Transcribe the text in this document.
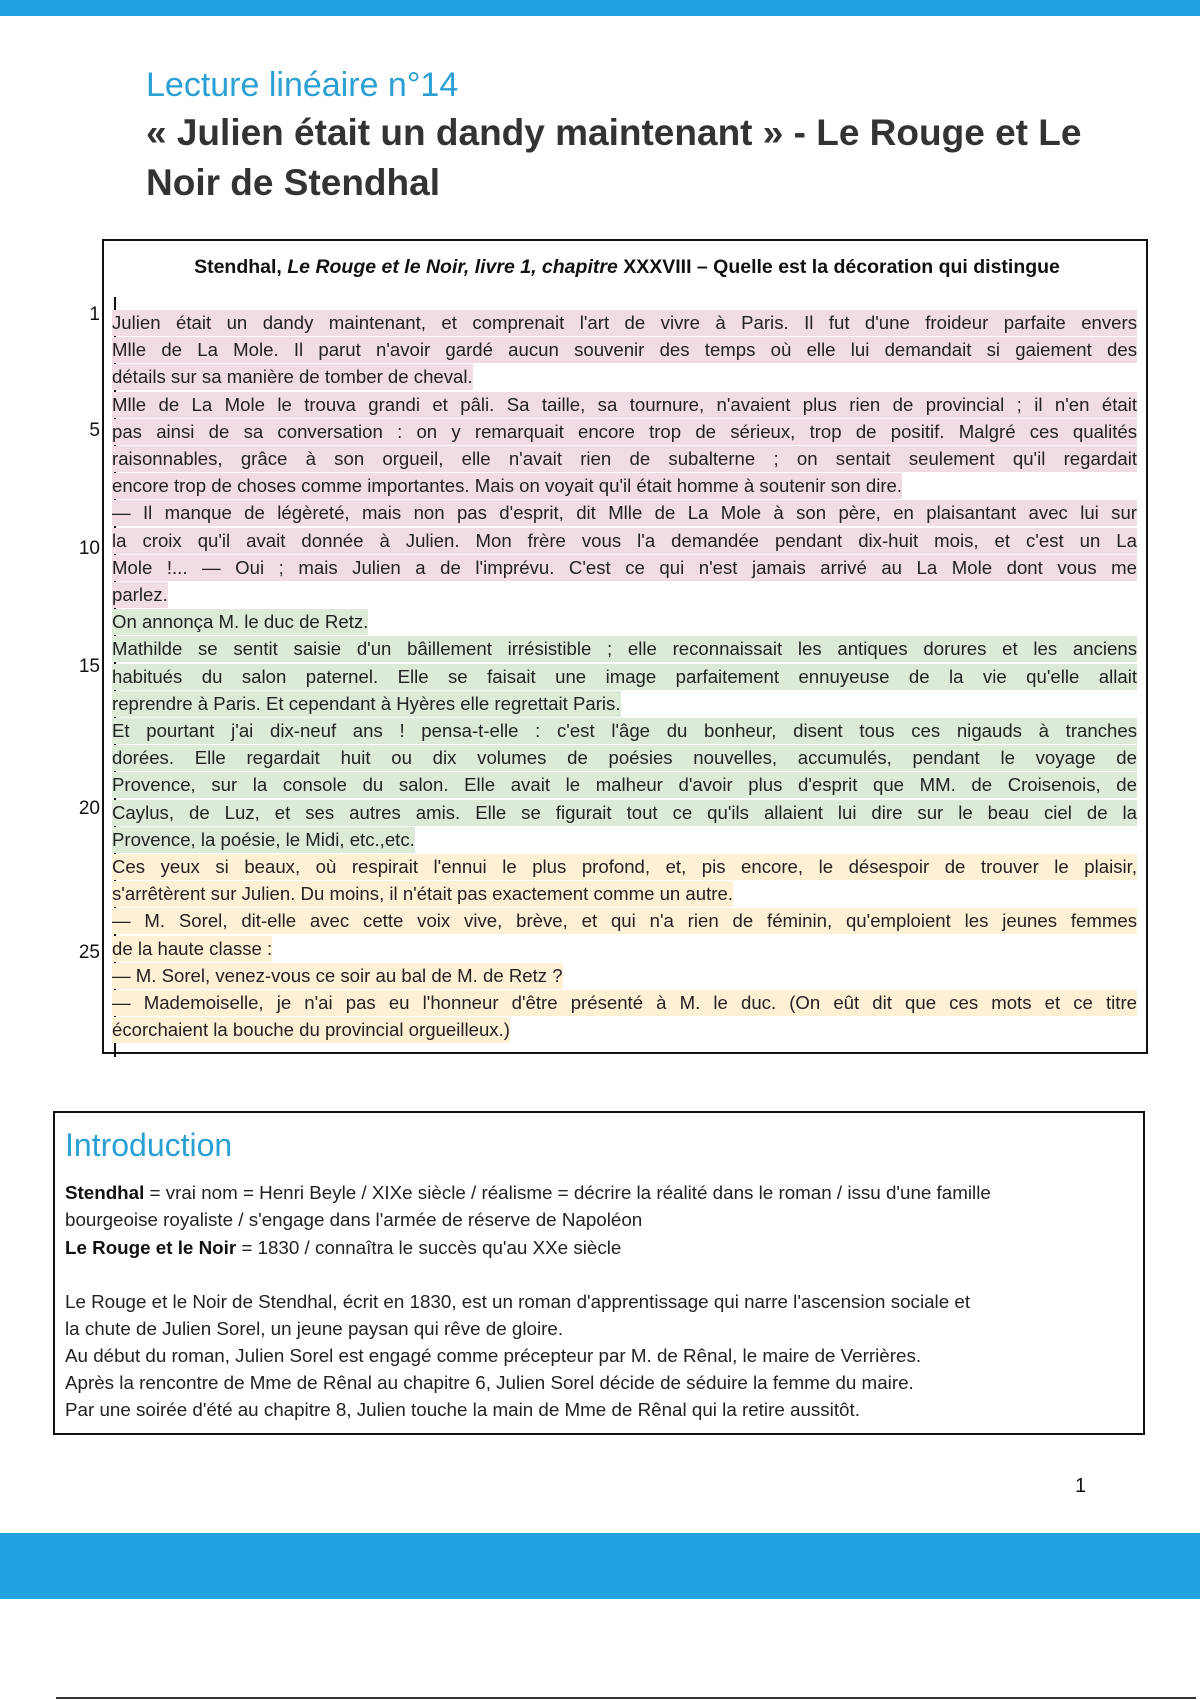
Lecture linéaire n°14
« Julien était un dandy maintenant » - Le Rouge et Le Noir de Stendhal
Stendhal, Le Rouge et le Noir, livre 1, chapitre XXXVIII – Quelle est la décoration qui distingue
1
5
10
15
20
25
Julien était un dandy maintenant, et comprenait l'art de vivre à Paris. Il fut d'une froideur parfaite envers
Mlle de La Mole. Il parut n'avoir gardé aucun souvenir des temps où elle lui demandait si gaiement des
détails sur sa manière de tomber de cheval.
Mlle de La Mole le trouva grandi et pâli. Sa taille, sa tournure, n'avaient plus rien de provincial ; il n'en était
pas ainsi de sa conversation : on y remarquait encore trop de sérieux, trop de positif. Malgré ces qualités
raisonnables, grâce à son orgueil, elle n'avait rien de subalterne ; on sentait seulement qu'il regardait
encore trop de choses comme importantes. Mais on voyait qu'il était homme à soutenir son dire.
— Il manque de légèreté, mais non pas d'esprit, dit Mlle de La Mole à son père, en plaisantant avec lui sur
la croix qu'il avait donnée à Julien. Mon frère vous l'a demandée pendant dix-huit mois, et c'est un La
Mole !... — Oui ; mais Julien a de l'imprévu. C'est ce qui n'est jamais arrivé au La Mole dont vous me
parlez.
On annonça M. le duc de Retz.
Mathilde se sentit saisie d'un bâillement irrésistible ; elle reconnaissait les antiques dorures et les anciens
habitués du salon paternel. Elle se faisait une image parfaitement ennuyeuse de la vie qu'elle allait
reprendre à Paris. Et cependant à Hyères elle regrettait Paris.
Et pourtant j'ai dix-neuf ans ! pensa-t-elle : c'est l'âge du bonheur, disent tous ces nigauds à tranches
dorées. Elle regardait huit ou dix volumes de poésies nouvelles, accumulés, pendant le voyage de
Provence, sur la console du salon. Elle avait le malheur d'avoir plus d'esprit que MM. de Croisenois, de
Caylus, de Luz, et ses autres amis. Elle se figurait tout ce qu'ils allaient lui dire sur le beau ciel de la
Provence, la poésie, le Midi, etc.,etc.
Ces yeux si beaux, où respirait l'ennui le plus profond, et, pis encore, le désespoir de trouver le plaisir,
s'arrêtèrent sur Julien. Du moins, il n'était pas exactement comme un autre.
— M. Sorel, dit-elle avec cette voix vive, brève, et qui n'a rien de féminin, qu'emploient les jeunes femmes
de la haute classe :
— M. Sorel, venez-vous ce soir au bal de M. de Retz ?
— Mademoiselle, je n'ai pas eu l'honneur d'être présenté à M. le duc. (On eût dit que ces mots et ce titre
écorchaient la bouche du provincial orgueilleux.)
Introduction
Stendhal = vrai nom = Henri Beyle / XIXe siècle / réalisme = décrire la réalité dans le roman / issu d'une famille
bourgeoise royaliste / s'engage dans l'armée de réserve de Napoléon
Le Rouge et le Noir = 1830 / connaîtra le succès qu'au XXe siècle
Le Rouge et le Noir de Stendhal, écrit en 1830, est un roman d'apprentissage qui narre l'ascension sociale et
la chute de Julien Sorel, un jeune paysan qui rêve de gloire.
Au début du roman, Julien Sorel est engagé comme précepteur par M. de Rênal, le maire de Verrières.
Après la rencontre de Mme de Rênal au chapitre 6, Julien Sorel décide de séduire la femme du maire.
Par une soirée d'été au chapitre 8, Julien touche la main de Mme de Rênal qui la retire aussitôt.
1
